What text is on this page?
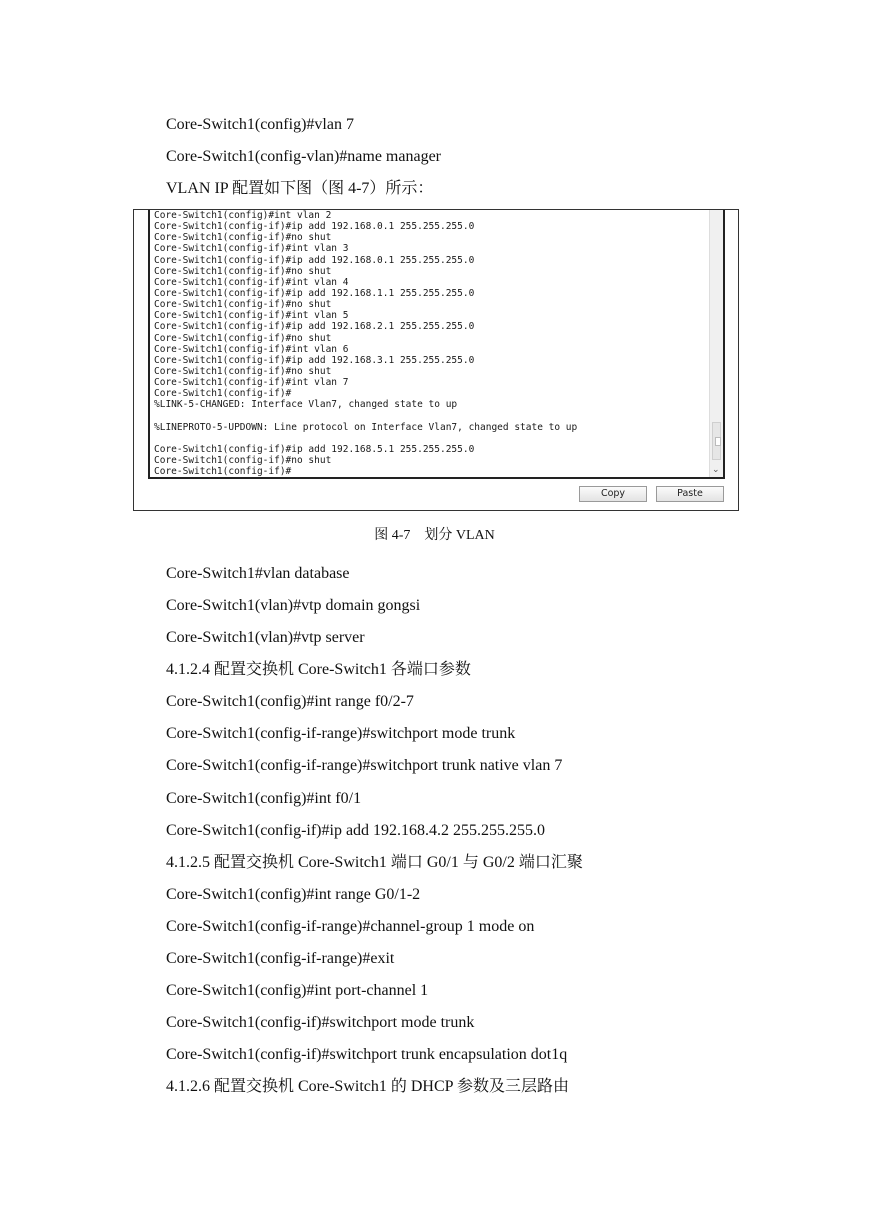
Core-Switch1(config)#vlan 7
Core-Switch1(config-vlan)#name manager
VLAN IP 配置如下图（图 4-7）所示：
Core-Switch1(config)#int vlan 2
Core-Switch1(config-if)#ip add 192.168.0.1 255.255.255.0
Core-Switch1(config-if)#no shut
Core-Switch1(config-if)#int vlan 3
Core-Switch1(config-if)#ip add 192.168.0.1 255.255.255.0
Core-Switch1(config-if)#no shut
Core-Switch1(config-if)#int vlan 4
Core-Switch1(config-if)#ip add 192.168.1.1 255.255.255.0
Core-Switch1(config-if)#no shut
Core-Switch1(config-if)#int vlan 5
Core-Switch1(config-if)#ip add 192.168.2.1 255.255.255.0
Core-Switch1(config-if)#no shut
Core-Switch1(config-if)#int vlan 6
Core-Switch1(config-if)#ip add 192.168.3.1 255.255.255.0
Core-Switch1(config-if)#no shut
Core-Switch1(config-if)#int vlan 7
Core-Switch1(config-if)#
%LINK-5-CHANGED: Interface Vlan7, changed state to up
%LINEPROTO-5-UPDOWN: Line protocol on Interface Vlan7, changed state to up
Core-Switch1(config-if)#ip add 192.168.5.1 255.255.255.0
Core-Switch1(config-if)#no shut
Core-Switch1(config-if)#	⌄
Copy	Paste
图 4-7　划分 VLAN
Core-Switch1#vlan database
Core-Switch1(vlan)#vtp domain gongsi
Core-Switch1(vlan)#vtp server
4.1.2.4 配置交换机 Core-Switch1 各端口参数
Core-Switch1(config)#int range f0/2-7
Core-Switch1(config-if-range)#switchport mode trunk
Core-Switch1(config-if-range)#switchport trunk native vlan 7
Core-Switch1(config)#int f0/1
Core-Switch1(config-if)#ip add 192.168.4.2 255.255.255.0
4.1.2.5 配置交换机 Core-Switch1 端口 G0/1 与 G0/2 端口汇聚
Core-Switch1(config)#int range G0/1-2
Core-Switch1(config-if-range)#channel-group 1 mode on
Core-Switch1(config-if-range)#exit
Core-Switch1(config)#int port-channel 1
Core-Switch1(config-if)#switchport mode trunk
Core-Switch1(config-if)#switchport trunk encapsulation dot1q
4.1.2.6 配置交换机 Core-Switch1 的 DHCP 参数及三层路由
